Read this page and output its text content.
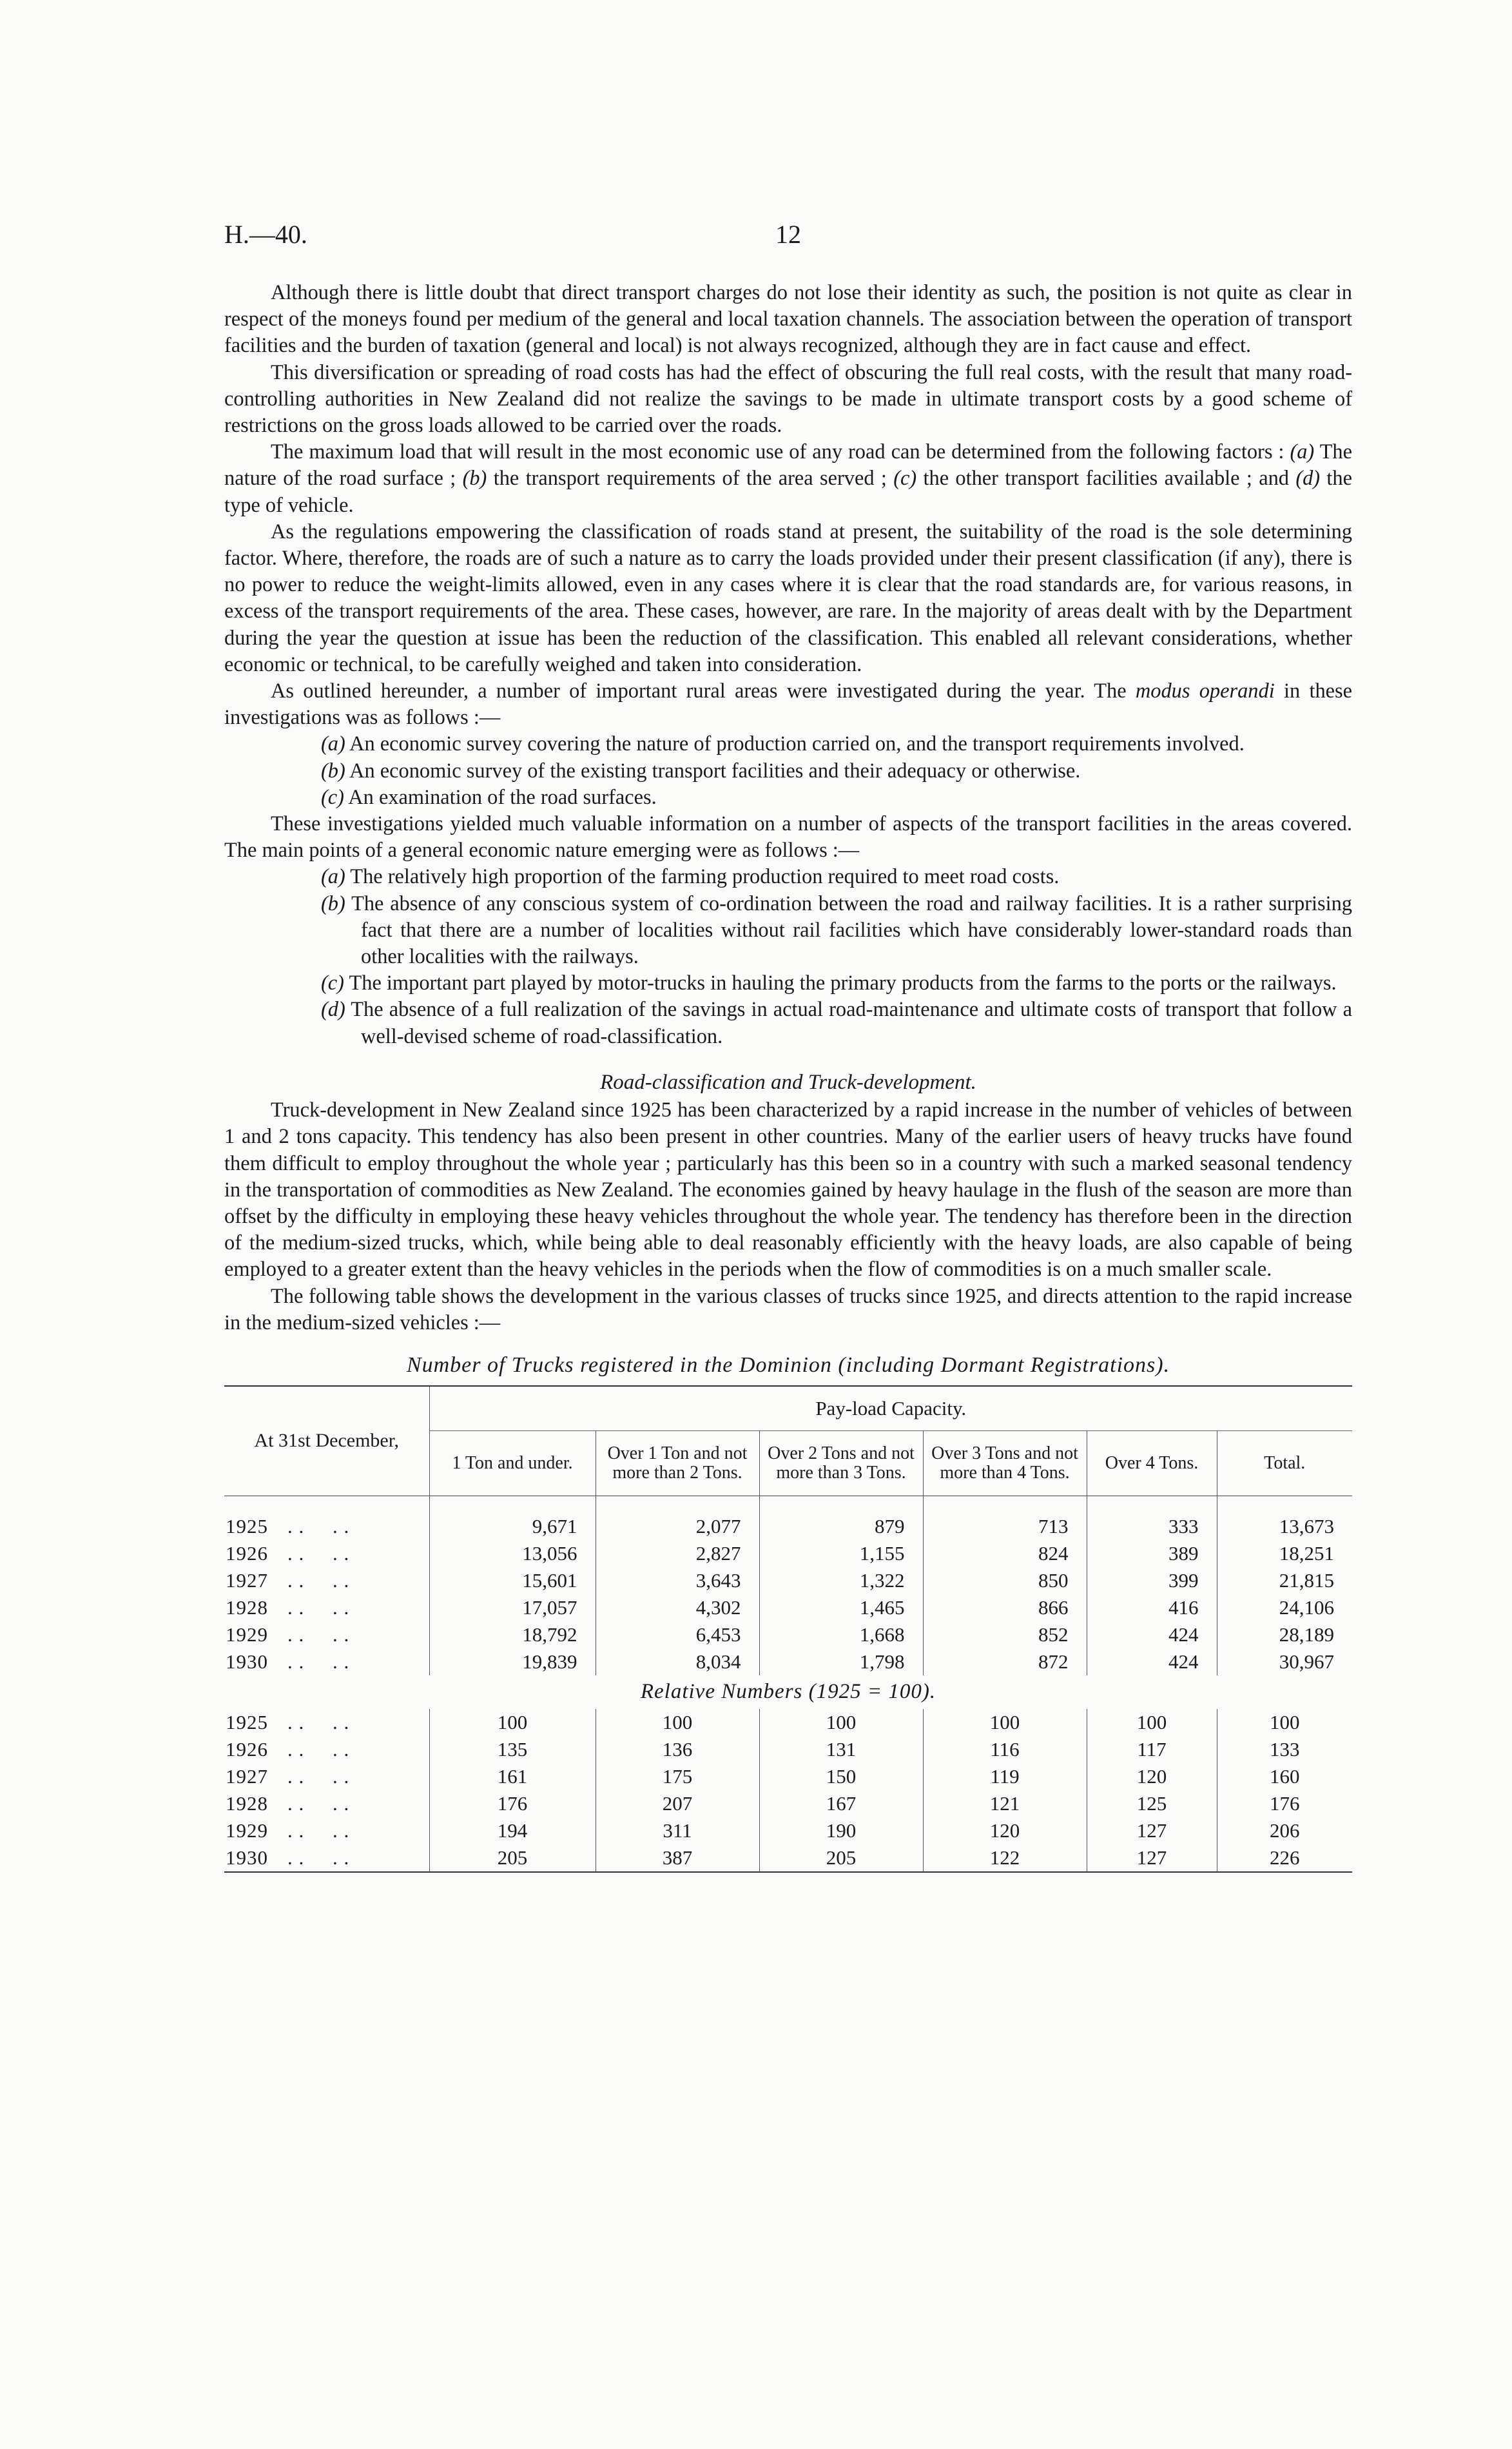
H.—40.	12

Although there is little doubt that direct transport charges do not lose their identity as such, the position is not quite as clear in respect of the moneys found per medium of the general and local taxation channels. The association between the operation of transport facilities and the burden of taxation (general and local) is not always recognized, although they are in fact cause and effect.

This diversification or spreading of road costs has had the effect of obscuring the full real costs, with the result that many road-controlling authorities in New Zealand did not realize the savings to be made in ultimate transport costs by a good scheme of restrictions on the gross loads allowed to be carried over the roads.

The maximum load that will result in the most economic use of any road can be determined from the following factors : (a) The nature of the road surface ; (b) the transport requirements of the area served ; (c) the other transport facilities available ; and (d) the type of vehicle.

As the regulations empowering the classification of roads stand at present, the suitability of the road is the sole determining factor. Where, therefore, the roads are of such a nature as to carry the loads provided under their present classification (if any), there is no power to reduce the weight-limits allowed, even in any cases where it is clear that the road standards are, for various reasons, in excess of the transport requirements of the area. These cases, however, are rare. In the majority of areas dealt with by the Department during the year the question at issue has been the reduction of the classification. This enabled all relevant considerations, whether economic or technical, to be carefully weighed and taken into consideration.

As outlined hereunder, a number of important rural areas were investigated during the year. The modus operandi in these investigations was as follows :—

(a) An economic survey covering the nature of production carried on, and the transport requirements involved.
(b) An economic survey of the existing transport facilities and their adequacy or otherwise.
(c) An examination of the road surfaces.

These investigations yielded much valuable information on a number of aspects of the transport facilities in the areas covered. The main points of a general economic nature emerging were as follows :—

(a) The relatively high proportion of the farming production required to meet road costs.
(b) The absence of any conscious system of co-ordination between the road and railway facilities. It is a rather surprising fact that there are a number of localities without rail facilities which have considerably lower-standard roads than other localities with the railways.
(c) The important part played by motor-trucks in hauling the primary products from the farms to the ports or the railways.
(d) The absence of a full realization of the savings in actual road-maintenance and ultimate costs of transport that follow a well-devised scheme of road-classification.
Road-classification and Truck-development.

Truck-development in New Zealand since 1925 has been characterized by a rapid increase in the number of vehicles of between 1 and 2 tons capacity. This tendency has also been present in other countries. Many of the earlier users of heavy trucks have found them difficult to employ throughout the whole year ; particularly has this been so in a country with such a marked seasonal tendency in the transportation of commodities as New Zealand. The economies gained by heavy haulage in the flush of the season are more than offset by the difficulty in employing these heavy vehicles throughout the whole year. The tendency has therefore been in the direction of the medium-sized trucks, which, while being able to deal reasonably efficiently with the heavy loads, are also capable of being employed to a greater extent than the heavy vehicles in the periods when the flow of commodities is on a much smaller scale.

The following table shows the development in the various classes of trucks since 1925, and directs attention to the rapid increase in the medium-sized vehicles :—

Number of Trucks registered in the Dominion (including Dormant Registrations).

At 31st December,	Pay-load Capacity.					
	1 Ton and under.	Over 1 Ton and not more than 2 Tons.	Over 2 Tons and not more than 3 Tons.	Over 3 Tons and not more than 4 Tons.	Over 4 Tons.	Total.

1925 . .     . .	9,671	2,077	879	713	333	13,673
1926 . .     . .	13,056	2,827	1,155	824	389	18,251
1927 . .     . .	15,601	3,643	1,322	850	399	21,815
1928 . .     . .	17,057	4,302	1,465	866	416	24,106
1929 . .     . .	18,792	6,453	1,668	852	424	28,189
1930 . .     . .	19,839	8,034	1,798	872	424	30,967
Relative Numbers (1925 = 100).						
1925 . .     . .	100	100	100	100	100	100
1926 . .     . .	135	136	131	116	117	133
1927 . .     . .	161	175	150	119	120	160
1928 . .     . .	176	207	167	121	125	176
1929 . .     . .	194	311	190	120	127	206
1930 . .     . .	205	387	205	122	127	226
